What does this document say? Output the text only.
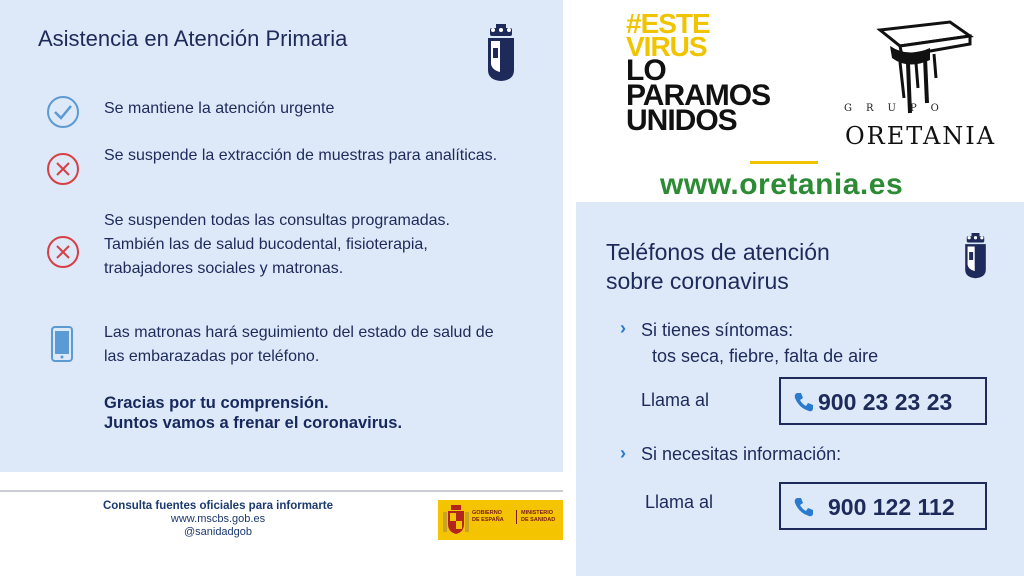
Asistencia en Atención Primaria
Se mantiene la atención urgente
Se suspende la extracción de muestras para analíticas.
Se suspenden todas las consultas programadas. También las de salud bucodental, fisioterapia, trabajadores sociales y matronas.
Las matronas hará seguimiento del estado de salud de las embarazadas por teléfono.
Gracias por tu comprensión.
Juntos vamos a frenar el coronavirus.
Consulta fuentes oficiales para informarte
www.mscbs.gob.es
@sanidadgob
GOBIERNO
DE ESPAÑA
MINISTERIO
DE SANIDAD
#ESTE
VIRUS
LO
PARAMOS
UNIDOS	GRUPO
ORETANIA
www.oretania.es
Teléfonos de atención
sobre coronavirus
› Si tienes síntomas:
tos seca, fiebre, falta de aire
Llama al	900 23 23 23
› Si necesitas información:
Llama al	900 122 112
